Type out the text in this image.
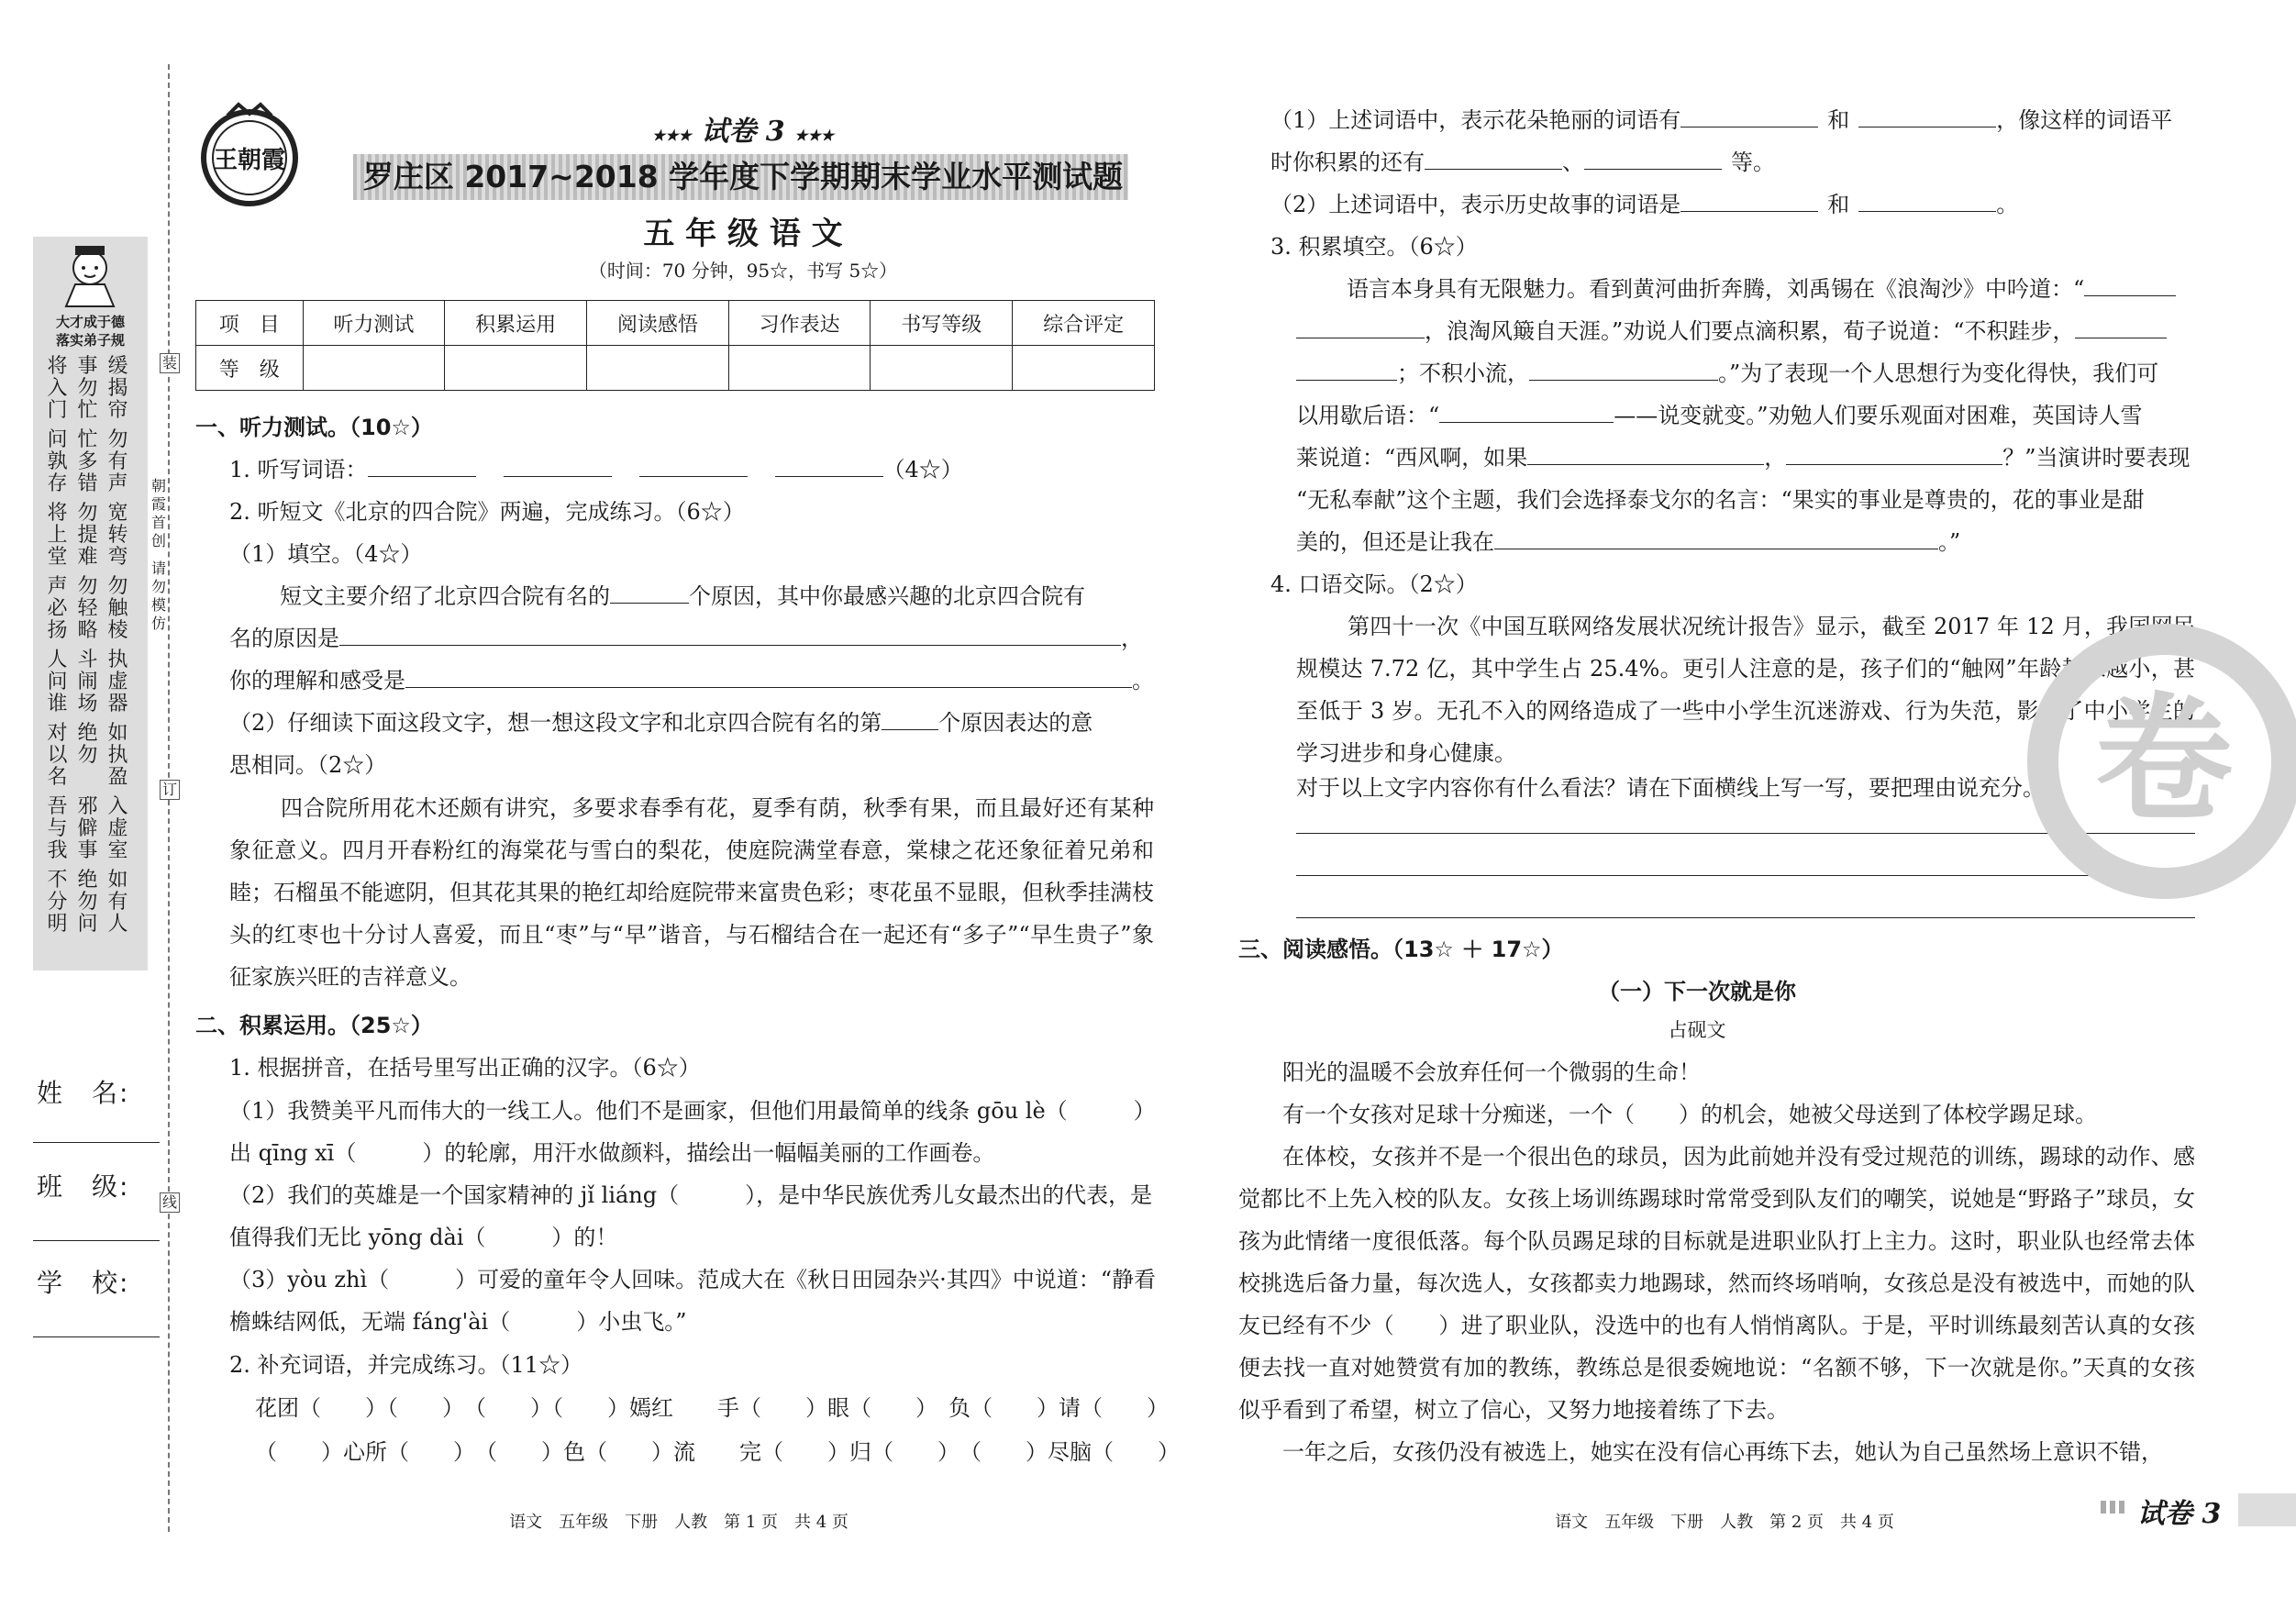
大才成于德
落实弟子规
将入门事勿忙缓揭帘
问孰存忙多错勿有声
将上堂勿提难宽转弯
声必扬勿轻略勿触棱
人问谁斗闹场执虚器
对以名绝勿如执盈
吾与我邪僻事入虚室
不分明绝勿问如有人
朝霞首创
请勿模仿
装
订
线
姓　名:
班　级:
学　校:
王朝霞
★★★ 试卷 3 ★★★
罗庄区 2017~2018 学年度下学期期末学业水平测试题
五 年 级 语 文
（时间：70 分钟，95☆，书写 5☆）
项　目	听力测试	积累运用	阅读感悟	习作表达	书写等级	综合评定
等　级						
一、听力测试。（10☆）
1. 听写词语：	（4☆）
2. 听短文《北京的四合院》两遍，完成练习。（6☆）
（1）填空。（4☆）
短文主要介绍了北京四合院有名的	个原因，其中你最感兴趣的北京四合院有
名的原因是	，
你的理解和感受是	。
（2）仔细读下面这段文字，想一想这段文字和北京四合院有名的第	个原因表达的意
思相同。（2☆）
四合院所用花木还颇有讲究，多要求春季有花，夏季有荫，秋季有果，而且最好还有某种象征意义。四月开春粉红的海棠花与雪白的梨花，使庭院满堂春意，棠棣之花还象征着兄弟和睦；石榴虽不能遮阴，但其花其果的艳红却给庭院带来富贵色彩；枣花虽不显眼，但秋季挂满枝头的红枣也十分讨人喜爱，而且“枣”与“早”谐音，与石榴结合在一起还有“多子”“早生贵子”象征家族兴旺的吉祥意义。
二、积累运用。（25☆）
1. 根据拼音，在括号里写出正确的汉字。（6☆）
（1）我赞美平凡而伟大的一线工人。他们不是画家，但他们用最简单的线条 gōu lè（　　　）
出 qīng xī（　　　）的轮廓，用汗水做颜料，描绘出一幅幅美丽的工作画卷。
（2）我们的英雄是一个国家精神的 jǐ liáng（　　　），是中华民族优秀儿女最杰出的代表，是
值得我们无比 yōng dài（　　　）的！
（3）yòu zhì（　　　）可爱的童年令人回味。范成大在《秋日田园杂兴·其四》中说道：“静看
檐蛛结网低，无端 fáng'ài（　　　）小虫飞。”
2. 补充词语，并完成练习。（11☆）
花团（　　）（　　）　（　　）（　　）嫣红　　手（　　）眼（　　）　负（　　）请（　　）
（　　）心所（　　）　（　　）色（　　）流　　完（　　）归（　　）　（　　）尽脑（　　）
语文　五年级　下册　人教　第 1 页　共 4 页
（1）上述词语中，表示花朵艳丽的词语有	和	，像这样的词语平
时你积累的还有	、	等。
（2）上述词语中，表示历史故事的词语是	和	。
3. 积累填空。（6☆）
语言本身具有无限魅力。看到黄河曲折奔腾，刘禹锡在《浪淘沙》中吟道：“
，浪淘风簸自天涯。”劝说人们要点滴积累，荀子说道：“不积跬步，
；不积小流，	。”为了表现一个人思想行为变化得快，我们可
以用歇后语：“	——说变就变。”劝勉人们要乐观面对困难，英国诗人雪
莱说道：“西风啊，如果	，	？”当演讲时要表现
“无私奉献”这个主题，我们会选择泰戈尔的名言：“果实的事业是尊贵的，花的事业是甜
美的，但还是让我在	。”
4. 口语交际。（2☆）
第四十一次《中国互联网络发展状况统计报告》显示，截至 2017 年 12 月，我国网民规模达 7.72 亿，其中学生占 25.4%。更引人注意的是，孩子们的“触网”年龄越来越小，甚至低于 3 岁。无孔不入的网络造成了一些中小学生沉迷游戏、行为失范，影响了中小学生的学习进步和身心健康。
对于以上文字内容你有什么看法？请在下面横线上写一写，要把理由说充分。 卷
三、阅读感悟。（13☆ ＋ 17☆）
（一）下一次就是你
占砚文
阳光的温暖不会放弃任何一个微弱的生命！
有一个女孩对足球十分痴迷，一个（　　）的机会，她被父母送到了体校学踢足球。
在体校，女孩并不是一个很出色的球员，因为此前她并没有受过规范的训练，踢球的动作、感觉都比不上先入校的队友。女孩上场训练踢球时常常受到队友们的嘲笑，说她是“野路子”球员，女孩为此情绪一度很低落。每个队员踢足球的目标就是进职业队打上主力。这时，职业队也经常去体校挑选后备力量，每次选人，女孩都卖力地踢球，然而终场哨响，女孩总是没有被选中，而她的队友已经有不少（　　）进了职业队，没选中的也有人悄悄离队。于是，平时训练最刻苦认真的女孩便去找一直对她赞赏有加的教练，教练总是很委婉地说：“名额不够，下一次就是你。”天真的女孩似乎看到了希望，树立了信心，又努力地接着练了下去。
一年之后，女孩仍没有被选上，她实在没有信心再练下去，她认为自己虽然场上意识不错，
语文　五年级　下册　人教　第 2 页　共 4 页	试卷 3
